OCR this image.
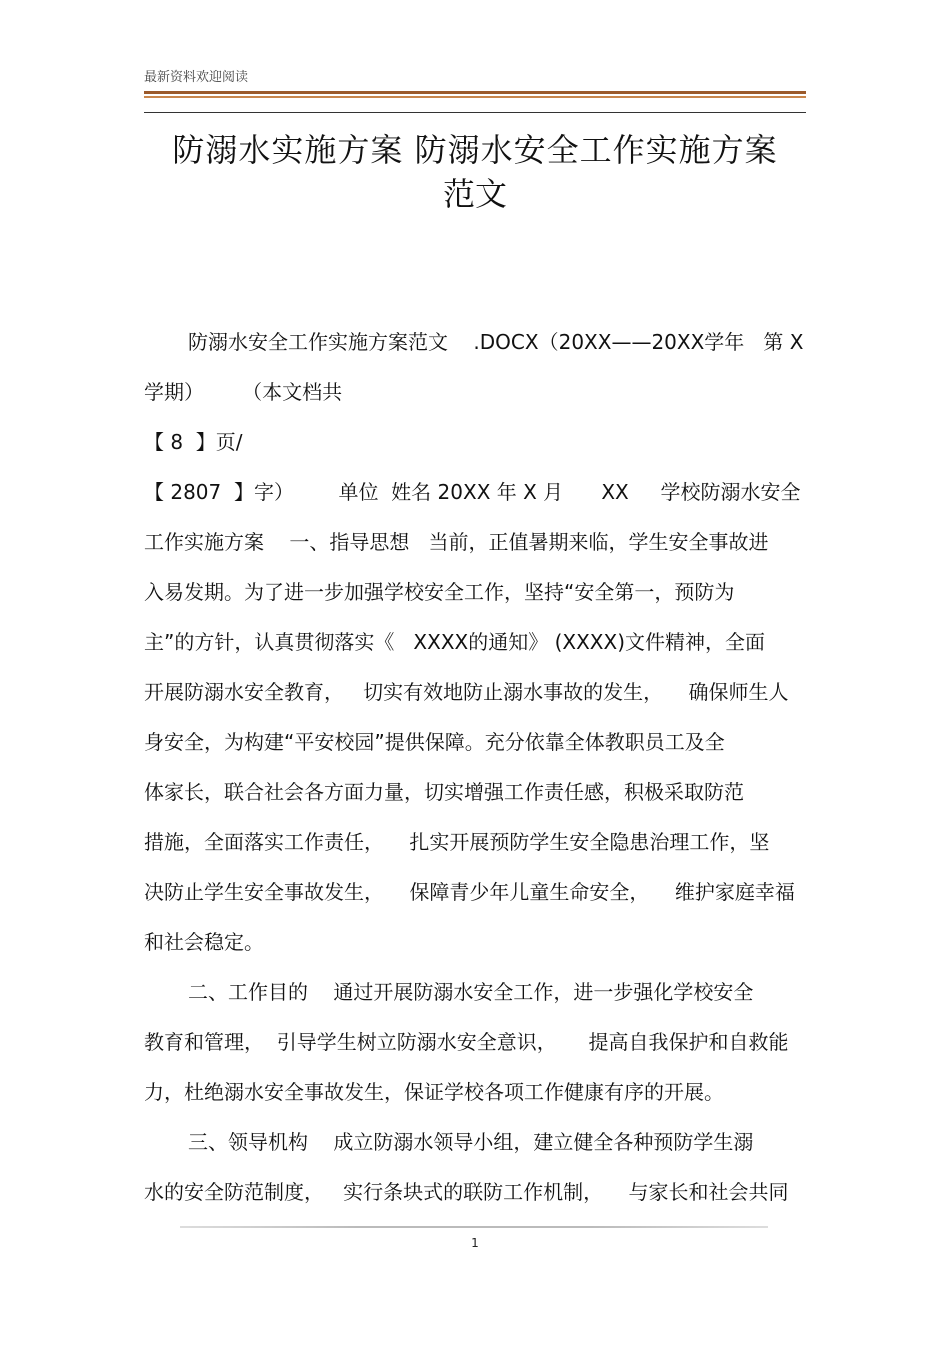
最新资料欢迎阅读
防溺水实施方案 防溺水安全工作实施方案
范文
防溺水安全工作实施方案范文    .DOCX（20XX——20XX学年   第 X
学期）      （本文档共
【 8  】页/
【 2807  】字）       单位  姓名 20XX 年 X 月      XX     学校防溺水安全
工作实施方案    一、指导思想   当前，正值暑期来临，学生安全事故进
入易发期。为了进一步加强学校安全工作，坚持“安全第一，预防为
主”的方针，认真贯彻落实《   XXXX的通知》 (XXXX)文件精神，全面
开展防溺水安全教育，   切实有效地防止溺水事故的发生，    确保师生人
身安全，为构建“平安校园”提供保障。充分依靠全体教职员工及全
体家长，联合社会各方面力量，切实增强工作责任感，积极采取防范
措施，全面落实工作责任，    扎实开展预防学生安全隐患治理工作，坚
决防止学生安全事故发生，    保障青少年儿童生命安全，    维护家庭幸福
和社会稳定。
二、工作目的    通过开展防溺水安全工作，进一步强化学校安全
教育和管理，  引导学生树立防溺水安全意识，     提高自我保护和自救能
力，杜绝溺水安全事故发生，保证学校各项工作健康有序的开展。
三、领导机构    成立防溺水领导小组，建立健全各种预防学生溺
水的安全防范制度，   实行条块式的联防工作机制，    与家长和社会共同
1
